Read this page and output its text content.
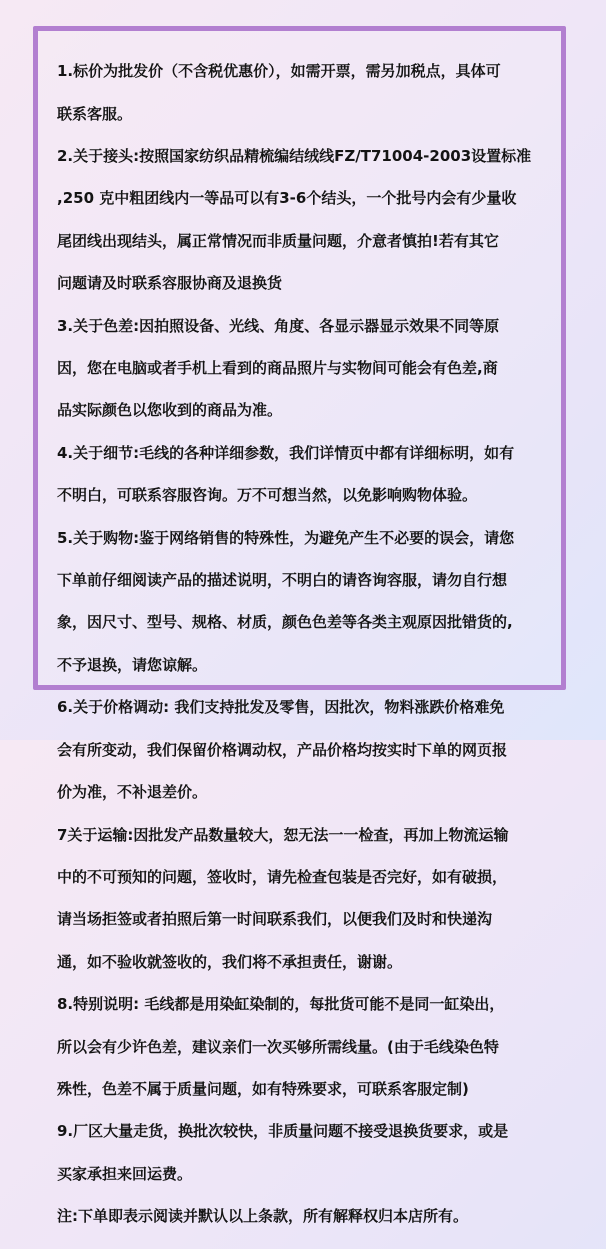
1.标价为批发价（不含税优惠价），如需开票，需另加税点，具体可

联系客服。

2.关于接头:按照国家纺织品精梳编结绒线FZ/T71004-2003设置标准

,250 克中粗团线内一等品可以有3-6个结头，一个批号内会有少量收

尾团线出现结头，属正常情况而非质量问题，介意者慎拍!若有其它

问题请及时联系容服协商及退换货

3.关于色差:因拍照设备、光线、角度、各显示器显示效果不同等原

因，您在电脑或者手机上看到的商品照片与实物间可能会有色差,商

品实际颜色以您收到的商品为准。

4.关于细节:毛线的各种详细参数，我们详情页中都有详细标明，如有

不明白，可联系容服咨询。万不可想当然，以免影响购物体验。

5.关于购物:鉴于网络销售的特殊性，为避免产生不必要的误会，请您

下单前仔细阅读产品的描述说明，不明白的请咨询容服，请勿自行想

象，因尺寸、型号、规格、材质，颜色色差等各类主观原因批错货的,

不予退换，请您谅解。

6.关于价格调动: 我们支持批发及零售，因批次，物料涨跌价格难免

会有所变动，我们保留价格调动权，产品价格均按实时下单的网页报

价为准，不补退差价。

7关于运输:因批发产品数量较大，恕无法一一检查，再加上物流运输

中的不可预知的问题，签收时，请先检查包装是否完好，如有破损，

请当场拒签或者拍照后第一时间联系我们，以便我们及时和快递沟

通，如不验收就签收的，我们将不承担责任，谢谢。

8.特别说明: 毛线都是用染缸染制的，每批货可能不是同一缸染出，

所以会有少许色差，建议亲们一次买够所需线量。(由于毛线染色特

殊性，色差不属于质量问题，如有特殊要求，可联系客服定制)

9.厂区大量走货，换批次较快，非质量问题不接受退换货要求，或是

买家承担来回运费。

注:下单即表示阅读并默认以上条款，所有解释权归本店所有。
